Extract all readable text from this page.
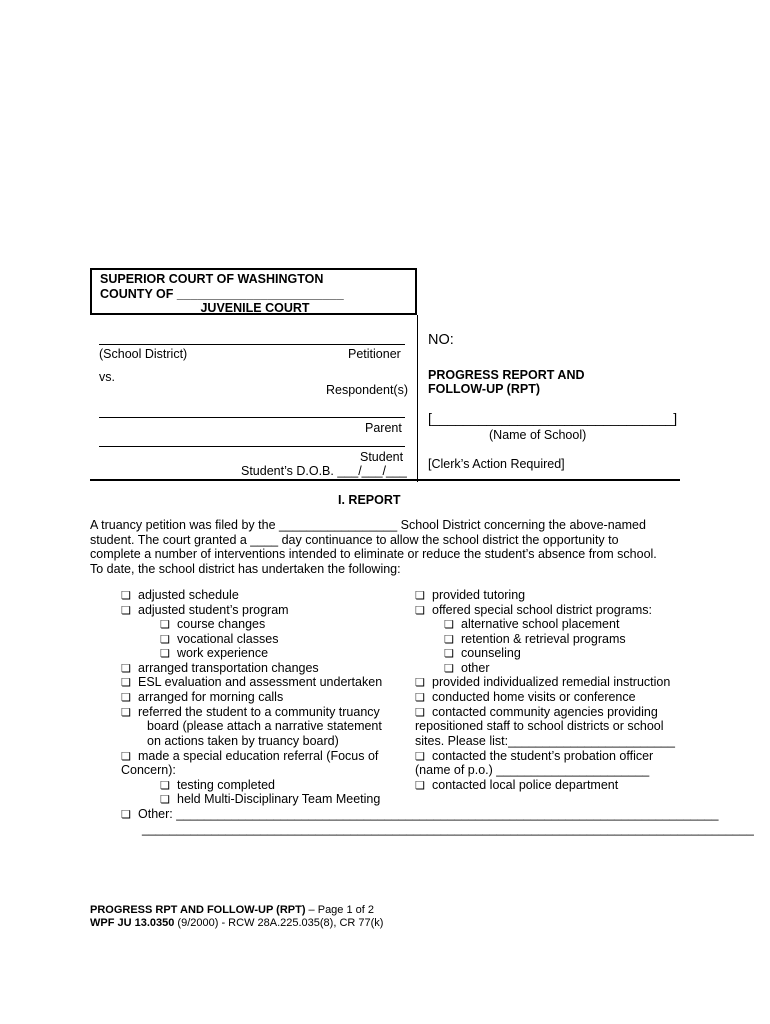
SUPERIOR COURT OF WASHINGTON
COUNTY OF ________________________
JUVENILE COURT
(School District)	Petitioner
vs.
Respondent(s)
Parent
Student
Student’s D.O.B. ___/___/___
NO:
PROGRESS REPORT AND
FOLLOW-UP (RPT)
[_______________________________]
(Name of School)
[Clerk’s Action Required]
I. REPORT
A truancy petition was filed by the _________________ School District concerning the above-named student. The court granted a ____ day continuance to allow the school district the opportunity to complete a number of interventions intended to eliminate or reduce the student’s absence from school. To date, the school district has undertaken the following:
❏ adjusted schedule
❏ adjusted student’s program
❏ course changes
❏ vocational classes
❏ work experience
❏ arranged transportation changes
❏ ESL evaluation and assessment undertaken
❏ arranged for morning calls
❏ referred the student to a community truancy
board (please attach a narrative statement
on actions taken by truancy board)
❏ made a special education referral (Focus of
Concern):
❏ testing completed
❏ held Multi-Disciplinary Team Meeting
❏ Other: ______________________________________________________________________________
________________________________________________________________________________________
❏ provided tutoring
❏ offered special school district programs:
❏ alternative school placement
❏ retention & retrieval programs
❏ counseling
❏ other
❏ provided individualized remedial instruction
❏ conducted home visits or conference
❏ contacted community agencies providing
repositioned staff to school districts or school
sites. Please list:________________________
❏ contacted the student’s probation officer
(name of p.o.) ______________________
❏ contacted local police department
PROGRESS RPT AND FOLLOW-UP (RPT) – Page 1 of 2
WPF JU 13.0350 (9/2000) - RCW 28A.225.035(8), CR 77(k)
